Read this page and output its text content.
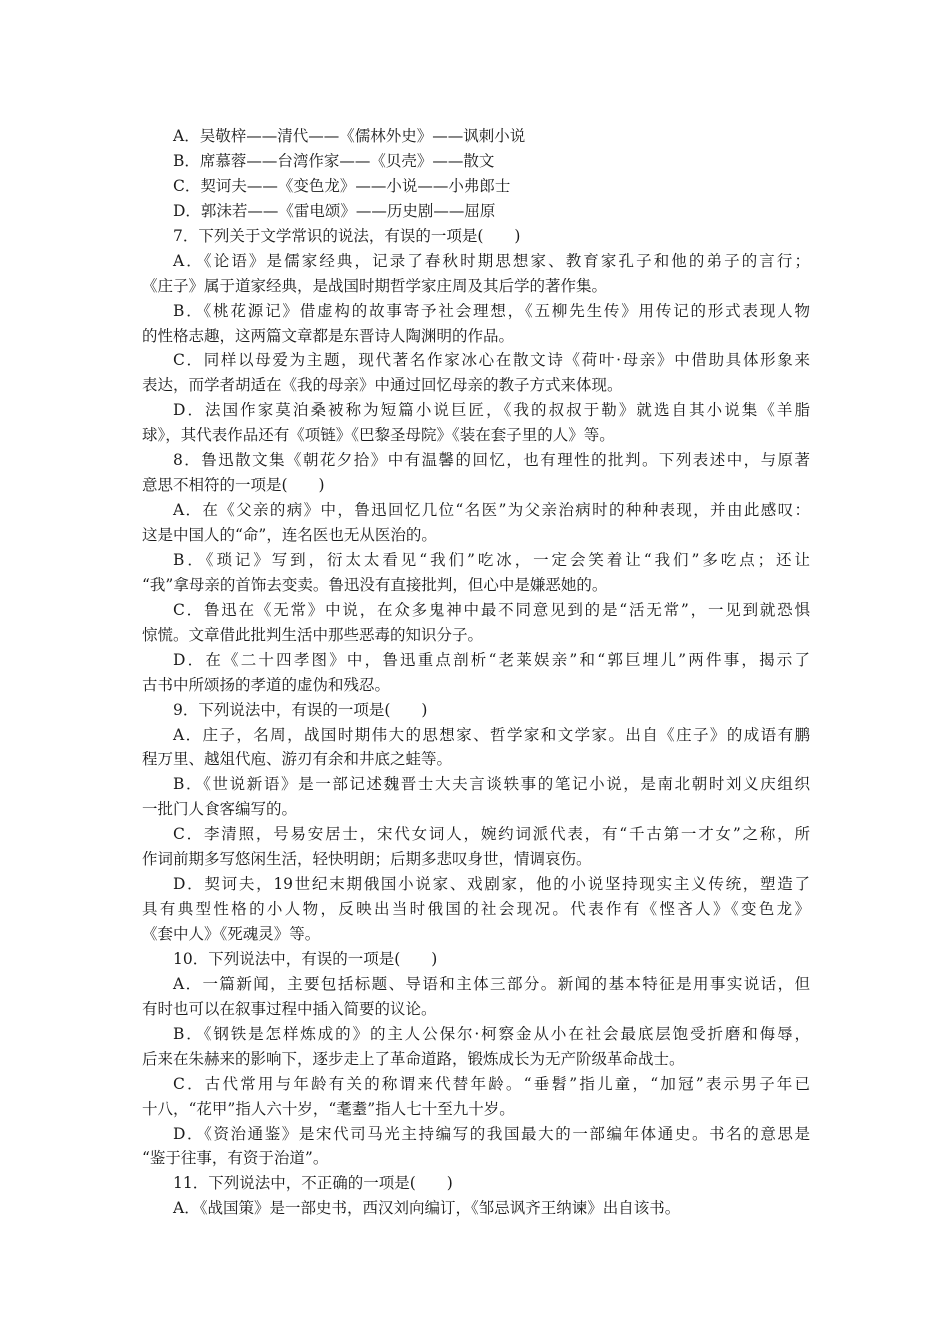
A．吴敬梓——清代——《儒林外史》——讽刺小说
B．席慕蓉——台湾作家——《贝壳》——散文
C．契诃夫——《变色龙》——小说——小弗郎士
D．郭沫若——《雷电颂》——历史剧——屈原
7．下列关于文学常识的说法，有误的一项是(　　)
A．《论语》是儒家经典，记录了春秋时期思想家、教育家孔子和他的弟子的言行；
《庄子》属于道家经典，是战国时期哲学家庄周及其后学的著作集。
B．《桃花源记》借虚构的故事寄予社会理想，《五柳先生传》用传记的形式表现人物
的性格志趣，这两篇文章都是东晋诗人陶渊明的作品。
C．同样以母爱为主题，现代著名作家冰心在散文诗《荷叶·母亲》中借助具体形象来
表达，而学者胡适在《我的母亲》中通过回忆母亲的教子方式来体现。
D．法国作家莫泊桑被称为短篇小说巨匠，《我的叔叔于勒》就选自其小说集《羊脂
球》，其代表作品还有《项链》《巴黎圣母院》《装在套子里的人》等。
8．鲁迅散文集《朝花夕拾》中有温馨的回忆，也有理性的批判。下列表述中，与原著
意思不相符的一项是(　　)
A．在《父亲的病》中，鲁迅回忆几位“名医”为父亲治病时的种种表现，并由此感叹：
这是中国人的“命”，连名医也无从医治的。
B．《琐记》写到，衍太太看见“我们”吃冰，一定会笑着让“我们”多吃点；还让
“我”拿母亲的首饰去变卖。鲁迅没有直接批判，但心中是嫌恶她的。
C．鲁迅在《无常》中说，在众多鬼神中最不同意见到的是“活无常”，一见到就恐惧
惊慌。文章借此批判生活中那些恶毒的知识分子。
D．在《二十四孝图》中，鲁迅重点剖析“老莱娱亲”和“郭巨埋儿”两件事，揭示了
古书中所颂扬的孝道的虚伪和残忍。
9．下列说法中，有误的一项是(　　)
A．庄子，名周，战国时期伟大的思想家、哲学家和文学家。出自《庄子》的成语有鹏
程万里、越俎代庖、游刃有余和井底之蛙等。
B．《世说新语》是一部记述魏晋士大夫言谈轶事的笔记小说，是南北朝时刘义庆组织
一批门人食客编写的。
C．李清照，号易安居士，宋代女词人，婉约词派代表，有“千古第一才女”之称，所
作词前期多写悠闲生活，轻快明朗；后期多悲叹身世，情调哀伤。
D．契诃夫，19世纪末期俄国小说家、戏剧家，他的小说坚持现实主义传统，塑造了
具有典型性格的小人物，反映出当时俄国的社会现况。代表作有《悭吝人》《变色龙》
《套中人》《死魂灵》等。
10．下列说法中，有误的一项是(　　)
A．一篇新闻，主要包括标题、导语和主体三部分。新闻的基本特征是用事实说话，但
有时也可以在叙事过程中插入简要的议论。
B．《钢铁是怎样炼成的》的主人公保尔·柯察金从小在社会最底层饱受折磨和侮辱，
后来在朱赫来的影响下，逐步走上了革命道路，锻炼成长为无产阶级革命战士。
C．古代常用与年龄有关的称谓来代替年龄。“垂髫”指儿童，“加冠”表示男子年已
十八，“花甲”指人六十岁，“耄耋”指人七十至九十岁。
D．《资治通鉴》是宋代司马光主持编写的我国最大的一部编年体通史。书名的意思是
“鉴于往事，有资于治道”。
11．下列说法中，不正确的一项是(　　)
A．《战国策》是一部史书，西汉刘向编订，《邹忌讽齐王纳谏》出自该书。
